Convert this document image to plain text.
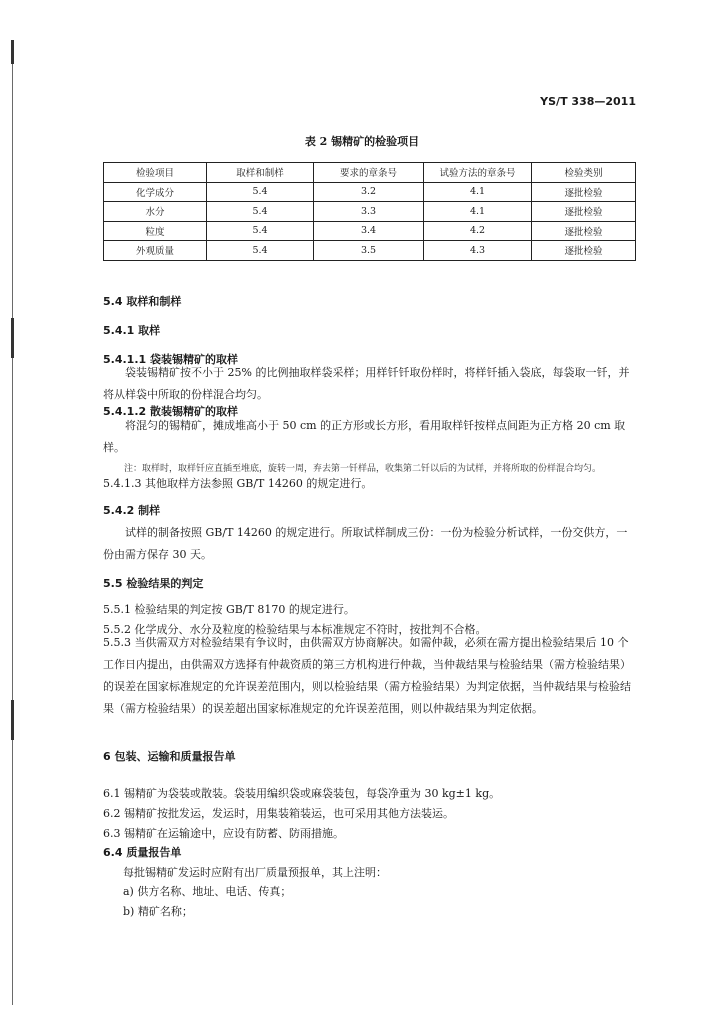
YS/T 338—2011
表 2 锡精矿的检验项目
检验项目	取样和制样	要求的章条号	试验方法的章条号	检验类别
化学成分	5.4	3.2	4.1	逐批检验
水分	5.4	3.3	4.1	逐批检验
粒度	5.4	3.4	4.2	逐批检验
外观质量	5.4	3.5	4.3	逐批检验
5.4 取样和制样
5.4.1 取样
5.4.1.1 袋装锡精矿的取样
袋装锡精矿按不小于 25% 的比例抽取样袋采样；用样钎钎取份样时，将样钎插入袋底，每袋取一钎，并将从样袋中所取的份样混合均匀。
5.4.1.2 散装锡精矿的取样
将混匀的锡精矿，摊成堆高小于 50 cm 的正方形或长方形，看用取样钎按样点间距为正方格 20 cm 取样。
注：取样时，取样钎应直插至堆底，旋转一周，弃去第一钎样品，收集第二钎以后的为试样，并将所取的份样混合均匀。
5.4.1.3 其他取样方法参照 GB/T 14260 的规定进行。
5.4.2 制样
试样的制备按照 GB/T 14260 的规定进行。所取试样制成三份：一份为检验分析试样，一份交供方，一份由需方保存 30 天。
5.5 检验结果的判定
5.5.1 检验结果的判定按 GB/T 8170 的规定进行。
5.5.2 化学成分、水分及粒度的检验结果与本标准规定不符时，按批判不合格。
5.5.3 当供需双方对检验结果有争议时，由供需双方协商解决。如需仲裁，必须在需方提出检验结果后 10 个工作日内提出，由供需双方选择有仲裁资质的第三方机构进行仲裁，当仲裁结果与检验结果（需方检验结果）的误差在国家标准规定的允许误差范围内，则以检验结果（需方检验结果）为判定依据，当仲裁结果与检验结果（需方检验结果）的误差超出国家标准规定的允许误差范围，则以仲裁结果为判定依据。
6 包装、运输和质量报告单
6.1 锡精矿为袋装或散装。袋装用编织袋或麻袋装包，每袋净重为 30 kg±1 kg。
6.2 锡精矿按批发运，发运时，用集装箱装运，也可采用其他方法装运。
6.3 锡精矿在运输途中，应设有防蓄、防雨措施。
6.4 质量报告单
每批锡精矿发运时应附有出厂质量预报单，其上注明：
a) 供方名称、地址、电话、传真；
b) 精矿名称；
